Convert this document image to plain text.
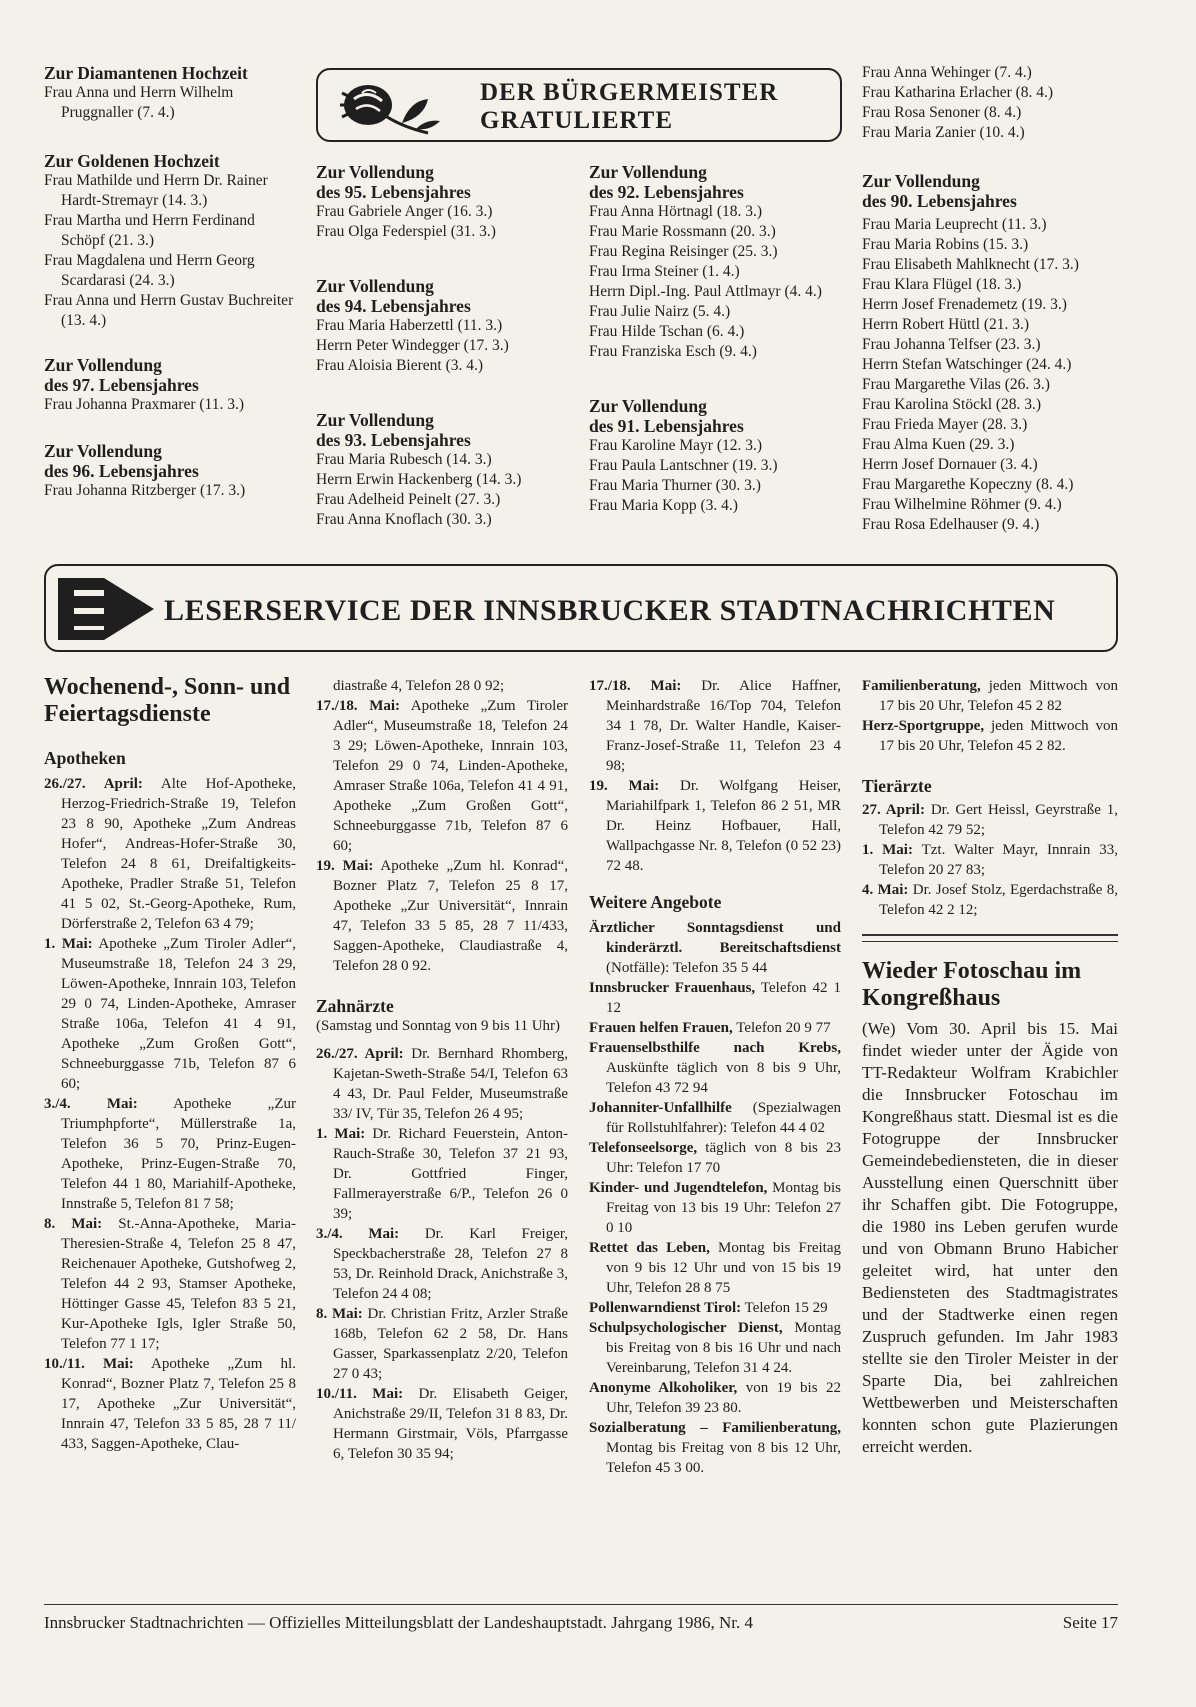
Zur Diamantenen Hochzeit

Frau Anna und Herrn Wilhelm Pruggnaller (7. 4.)

Zur Goldenen Hochzeit

Frau Mathilde und Herrn Dr. Rainer Hardt-Stremayr (14. 3.)

Frau Martha und Herrn Ferdinand Schöpf (21. 3.)

Frau Magdalena und Herrn Georg Scardarasi (24. 3.)

Frau Anna und Herrn Gustav Buchreiter (13. 4.)

Zur Vollendung

des 97. Lebensjahres

Frau Johanna Praxmarer (11. 3.)

Zur Vollendung

des 96. Lebensjahres

Frau Johanna Ritzberger (17. 3.)

DER BÜRGERMEISTER
GRATULIERTE

Zur Vollendung

des 95. Lebensjahres

Frau Gabriele Anger (16. 3.)

Frau Olga Federspiel (31. 3.)

Zur Vollendung

des 94. Lebensjahres

Frau Maria Haberzettl (11. 3.)

Herrn Peter Windegger (17. 3.)

Frau Aloisia Bierent (3. 4.)

Zur Vollendung

des 93. Lebensjahres

Frau Maria Rubesch (14. 3.)

Herrn Erwin Hackenberg (14. 3.)

Frau Adelheid Peinelt (27. 3.)

Frau Anna Knoflach (30. 3.)

Zur Vollendung

des 92. Lebensjahres

Frau Anna Hörtnagl (18. 3.)

Frau Marie Rossmann (20. 3.)

Frau Regina Reisinger (25. 3.)

Frau Irma Steiner (1. 4.)

Herrn Dipl.-Ing. Paul Attlmayr (4. 4.)

Frau Julie Nairz (5. 4.)

Frau Hilde Tschan (6. 4.)

Frau Franziska Esch (9. 4.)

Zur Vollendung

des 91. Lebensjahres

Frau Karoline Mayr (12. 3.)

Frau Paula Lantschner (19. 3.)

Frau Maria Thurner (30. 3.)

Frau Maria Kopp (3. 4.)

Frau Anna Wehinger (7. 4.)

Frau Katharina Erlacher (8. 4.)

Frau Rosa Senoner (8. 4.)

Frau Maria Zanier (10. 4.)

Zur Vollendung

des 90. Lebensjahres

Frau Maria Leuprecht (11. 3.)

Frau Maria Robins (15. 3.)

Frau Elisabeth Mahlknecht (17. 3.)

Frau Klara Flügel (18. 3.)

Herrn Josef Frenademetz (19. 3.)

Herrn Robert Hüttl (21. 3.)

Frau Johanna Telfser (23. 3.)

Herrn Stefan Watschinger (24. 4.)

Frau Margarethe Vilas (26. 3.)

Frau Karolina Stöckl (28. 3.)

Frau Frieda Mayer (28. 3.)

Frau Alma Kuen (29. 3.)

Herrn Josef Dornauer (3. 4.)

Frau Margarethe Kopeczny (8. 4.)

Frau Wilhelmine Röhmer (9. 4.)

Frau Rosa Edelhauser (9. 4.)

LESERSERVICE DER INNSBRUCKER STADTNACHRICHTEN

Wochenend-, Sonn- und Feiertagsdienste

Apotheken

26./27. April: Alte Hof-Apotheke, Herzog-Friedrich-Straße 19, Telefon 23 8 90, Apotheke „Zum Andreas Hofer“, Andreas-Hofer-Straße 30, Telefon 24 8 61, Dreifaltigkeits-Apotheke, Pradler Straße 51, Telefon 41 5 02, St.-Georg-Apotheke, Rum, Dörferstraße 2, Telefon 63 4 79;

1. Mai: Apotheke „Zum Tiroler Adler“, Museumstraße 18, Telefon 24 3 29, Löwen-Apotheke, Innrain 103, Telefon 29 0 74, Linden-Apotheke, Amraser Straße 106a, Telefon 41 4 91, Apotheke „Zum Großen Gott“, Schneeburggasse 71b, Telefon 87 6 60;

3./4. Mai: Apotheke „Zur Triumphpforte“, Müllerstraße 1a, Telefon 36 5 70, Prinz-Eugen-Apotheke, Prinz-Eugen-Straße 70, Telefon 44 1 80, Mariahilf-Apotheke, Innstraße 5, Telefon 81 7 58;

8. Mai: St.-Anna-Apotheke, Maria-Theresien-Straße 4, Telefon 25 8 47, Reichenauer Apotheke, Gutshofweg 2, Telefon 44 2 93, Stamser Apotheke, Höttinger Gasse 45, Telefon 83 5 21, Kur-Apotheke Igls, Igler Straße 50, Telefon 77 1 17;

10./11. Mai: Apotheke „Zum hl. Konrad“, Bozner Platz 7, Telefon 25 8 17, Apotheke „Zur Universität“, Innrain 47, Telefon 33 5 85, 28 7 11/ 433, Saggen-Apotheke, Clau-

diastraße 4, Telefon 28 0 92;

17./18. Mai: Apotheke „Zum Tiroler Adler“, Museumstraße 18, Telefon 24 3 29; Löwen-Apotheke, Innrain 103, Telefon 29 0 74, Linden-Apotheke, Amraser Straße 106a, Telefon 41 4 91, Apotheke „Zum Großen Gott“, Schneeburggasse 71b, Telefon 87 6 60;

19. Mai: Apotheke „Zum hl. Konrad“, Bozner Platz 7, Telefon 25 8 17, Apotheke „Zur Universität“, Innrain 47, Telefon 33 5 85, 28 7 11/433, Saggen-Apotheke, Claudiastraße 4, Telefon 28 0 92.

Zahnärzte

(Samstag und Sonntag von 9 bis 11 Uhr)

26./27. April: Dr. Bernhard Rhomberg, Kajetan-Sweth-Straße 54/I, Telefon 63 4 43, Dr. Paul Felder, Museumstraße 33/ IV, Tür 35, Telefon 26 4 95;

1. Mai: Dr. Richard Feuerstein, Anton-Rauch-Straße 30, Telefon 37 21 93, Dr. Gottfried Finger, Fallmerayerstraße 6/P., Telefon 26 0 39;

3./4. Mai: Dr. Karl Freiger, Speckbacherstraße 28, Telefon 27 8 53, Dr. Reinhold Drack, Anichstraße 3, Telefon 24 4 08;

8. Mai: Dr. Christian Fritz, Arzler Straße 168b, Telefon 62 2 58, Dr. Hans Gasser, Sparkassenplatz 2/20, Telefon 27 0 43;

10./11. Mai: Dr. Elisabeth Geiger, Anichstraße 29/II, Telefon 31 8 83, Dr. Hermann Girstmair, Völs, Pfarrgasse 6, Telefon 30 35 94;

17./18. Mai: Dr. Alice Haffner, Meinhardstraße 16/Top 704, Telefon 34 1 78, Dr. Walter Handle, Kaiser-Franz-Josef-Straße 11, Telefon 23 4 98;

19. Mai: Dr. Wolfgang Heiser, Mariahilfpark 1, Telefon 86 2 51, MR Dr. Heinz Hofbauer, Hall, Wallpachgasse Nr. 8, Telefon (0 52 23) 72 48.

Weitere Angebote

Ärztlicher Sonntagsdienst und kinderärztl. Bereitschaftsdienst (Notfälle): Telefon 35 5 44

Innsbrucker Frauenhaus, Telefon 42 1 12

Frauen helfen Frauen, Telefon 20 9 77

Frauenselbsthilfe nach Krebs, Auskünfte täglich von 8 bis 9 Uhr, Telefon 43 72 94

Johanniter-Unfallhilfe (Spezialwagen für Rollstuhlfahrer): Telefon 44 4 02

Telefonseelsorge, täglich von 8 bis 23 Uhr: Telefon 17 70

Kinder- und Jugendtelefon, Montag bis Freitag von 13 bis 19 Uhr: Telefon 27 0 10

Rettet das Leben, Montag bis Freitag von 9 bis 12 Uhr und von 15 bis 19 Uhr, Telefon 28 8 75

Pollenwarndienst Tirol: Telefon 15 29

Schulpsychologischer Dienst, Montag bis Freitag von 8 bis 16 Uhr und nach Vereinbarung, Telefon 31 4 24.

Anonyme Alkoholiker, von 19 bis 22 Uhr, Telefon 39 23 80.

Sozialberatung – Familienberatung, Montag bis Freitag von 8 bis 12 Uhr, Telefon 45 3 00.

Familienberatung, jeden Mittwoch von 17 bis 20 Uhr, Telefon 45 2 82

Herz-Sportgruppe, jeden Mittwoch von 17 bis 20 Uhr, Telefon 45 2 82.

Tierärzte

27. April: Dr. Gert Heissl, Geyrstraße 1, Telefon 42 79 52;

1. Mai: Tzt. Walter Mayr, Innrain 33, Telefon 20 27 83;

4. Mai: Dr. Josef Stolz, Egerdachstraße 8, Telefon 42 2 12;

Wieder Fotoschau im Kongreßhaus

(We) Vom 30. April bis 15. Mai findet wieder unter der Ägide von TT-Redakteur Wolfram Krabichler die Innsbrucker Fotoschau im Kongreßhaus statt. Diesmal ist es die Fotogruppe der Innsbrucker Gemeindebediensteten, die in dieser Ausstellung einen Querschnitt über ihr Schaffen gibt. Die Fotogruppe, die 1980 ins Leben gerufen wurde und von Obmann Bruno Habicher geleitet wird, hat unter den Bediensteten des Stadtmagistrates und der Stadtwerke einen regen Zuspruch gefunden. Im Jahr 1983 stellte sie den Tiroler Meister in der Sparte Dia, bei zahlreichen Wettbewerben und Meisterschaften konnten schon gute Plazierungen erreicht werden.

Innsbrucker Stadtnachrichten — Offizielles Mitteilungsblatt der Landeshauptstadt. Jahrgang 1986, Nr. 4	Seite 17
